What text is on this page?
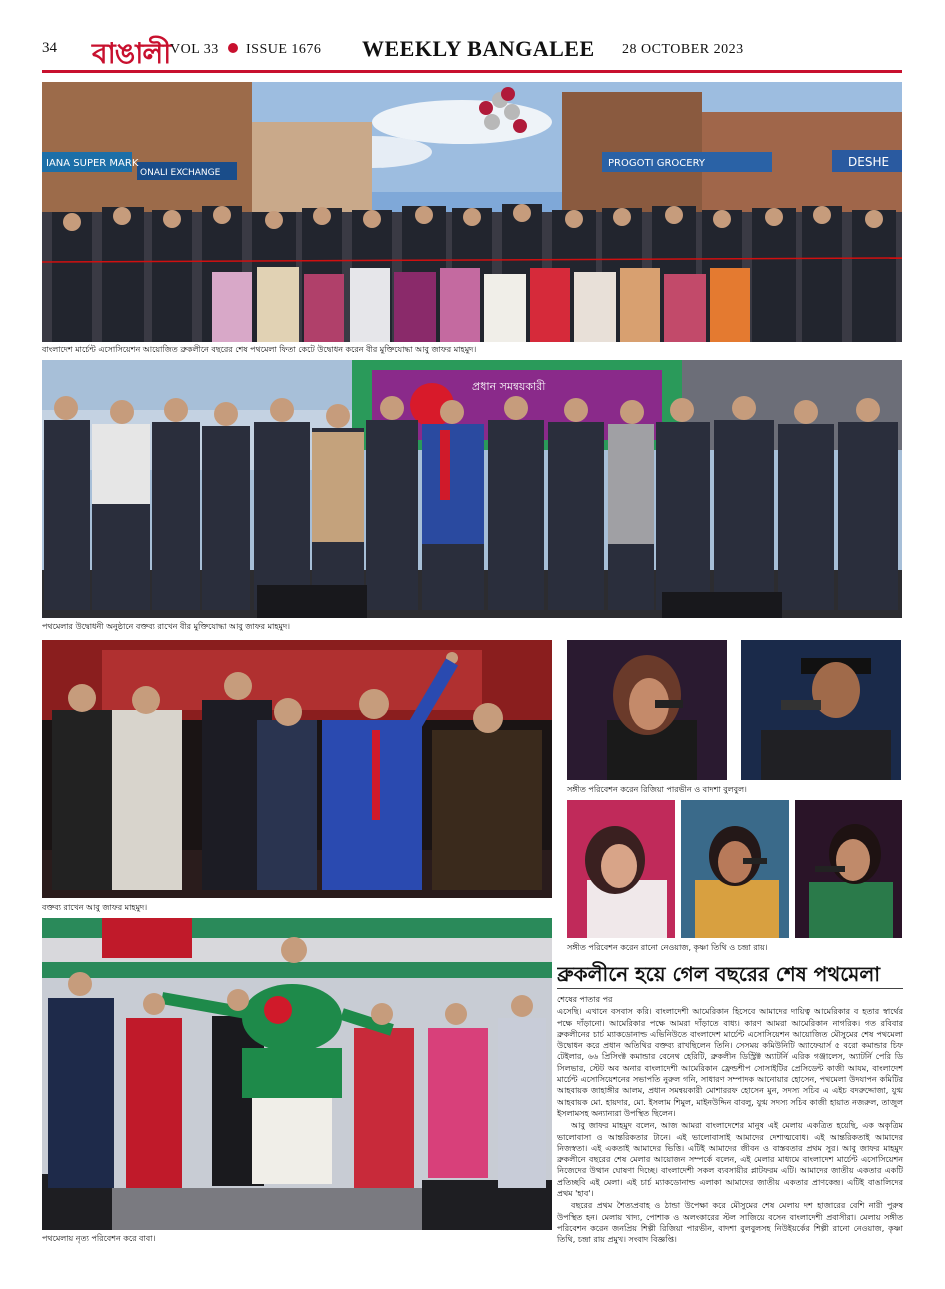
34 বাঙালী VOL 33 ISSUE 1676 WEEKLY BANGALEE 28 OCTOBER 2023
IANA SUPER MARK
ONALI EXCHANGE
PROGOTI GROCERY	DESHE
বাংলাদেশ মার্চেন্ট এসোসিয়েশন আয়োজিত ব্রুকলীনে বছরের শেষ পথমেলা ফিতা কেটে উদ্বোধন করেন বীর মুক্তিযোদ্ধা আবু জাফর মাহমুদ।
প্রধান সমন্বয়কারী
পথমেলার উদ্বোধনী অনুষ্ঠানে বক্তব্য রাখেন বীর মুক্তিযোদ্ধা আবু জাফর মাহমুদ।
বক্তব্য রাখেন আবু জাফর মাহমুদ।
সঙ্গীত পরিবেশন করেন রিজিয়া পারভীন ও বাদশা বুলবুল।
সঙ্গীত পরিবেশন করেন রানো নেওয়াজ, কৃষ্ণা তিথি ও চন্দ্রা রায়।
পথমেলায় নৃত্য পরিবেশন করে বাবা।
ব্রুকলীনে হয়ে গেল বছরের শেষ পথমেলা

শেষের পাতার পর

এসেছি। এখানে বসবাস করি। বাংলাদেশী আমেরিকান হিসেবে আমাদের দায়িত্ব আমেরিকার ব হতার স্বার্থের পক্ষে দাঁড়ানো। আমেরিকার পক্ষে আমরা দাঁড়াতে বাধ্য। কারণ আমরা আমেরিকান নাগরিক। গত রবিবার ব্রুকলীনের চার্চ ম্যাকডোনাল্ড এভিনিউতে বাংলাদেশ মার্চেন্ট এসোসিয়েশন আয়োজিত মৌসুমের শেষ পথমেলা উদ্বোধন করে প্রধান অতিথির বক্তব্য রাখছিলেন তিনি। সেসময় কমিউনিটি অ্যাফেয়ার্স ৫ বরো কমান্ডার চিফ টেইলার, ৬৬ প্রিসিংক্ট কমান্ডার বেনেথ হেরিটি, ব্রুকলীন ডিস্ট্রিক্ট অ্যাটর্নি এরিক গঞ্জালেস, অ্যাটর্নি পেরি ডি সিলভার, স্টেট অব অনার বাংলাদেশী আমেরিকান ফ্রেন্ডশীপ সোসাইটির প্রেসিডেন্ট কাজী আযম, বাংলাদেশ মার্চেন্ট এসোসিয়েশনের সভাপতি নুরুল গনি, সাধারণ সম্পাদক আনোয়ার হোসেন, পথমেলা উদযাপন কমিটির আহবায়ক জাহাঙ্গীর আলম, প্রধান সমন্বয়কারী মোশাররফ হোসেন মুন, সদস্য সচিব এ এইচ বদরুদ্দোজা, যুগ্ম আহবায়ক মো. হায়দার, মো. ইসলাম শিমুল, মাইনউদ্দিন বাবলু, যুগ্ম সদস্য সচিব কাজী হায়াত নজরুল, তাজুল ইসলামসহ অন্যান্যরা উপস্থিত ছিলেন।

আবু জাফর মাহমুদ বলেন, আজ আমরা বাংলাদেশের মানুষ এই মেলায় একত্রিত হয়েছি, এক অকৃত্রিম ভালোবাসা ও আন্তরিকতার টানে। এই ভালোবাসাই আমাদের দেশাত্মবোধ। এই আন্তরিকতাই আমাদের নিজস্বতা। এই একতাই আমাদের ভিত্তি। এটিই আমাদের জীবন ও বাস্তবতার প্রথম সুর। আবু জাফর মাহমুদ ব্রুকলীনে বছরের শেষ মেলার আয়োজন সম্পর্কে বলেন, এই মেলার মাধ্যমে বাংলাদেশ মার্চেন্ট এসোসিয়েশন নিজেদের উত্থান ঘোষণা দিচ্ছে। বাংলাদেশী সকল ব্যবসায়ীর প্লাটফরম এটি। আমাদের জাতীয় একতার একটি প্রতিচ্ছবি এই মেলা। এই চার্চ ম্যাকডোনাল্ড এলাকা আমাদের জাতীয় একতার প্রাণকেন্দ্র। এটিই বাঙালিদের প্রথম 'হাব'।

বছরের প্রথম শৈত্যপ্রবাহ ও ঠান্ডা উপেক্ষা করে মৌসুমের শেষ মেলায় দশ হাজারের বেশি নারী পুরুষ উপস্থিত হন। মেলায় খাদ্য, পোশাক ও অলংকারের স্টল সাজিয়ে বসেন বাংলাদেশী প্রবাসীরা। মেলায় সঙ্গীত পরিবেশন করেন জনপ্রিয় শিল্পী রিজিয়া পারভীন, বাদশা বুলবুলসহ নিউইয়র্কের শিল্পী রানো নেওয়াজ, কৃষ্ণা তিথি, চন্দ্রা রায় প্রমুখ। সংবাদ বিজ্ঞপ্তি।
